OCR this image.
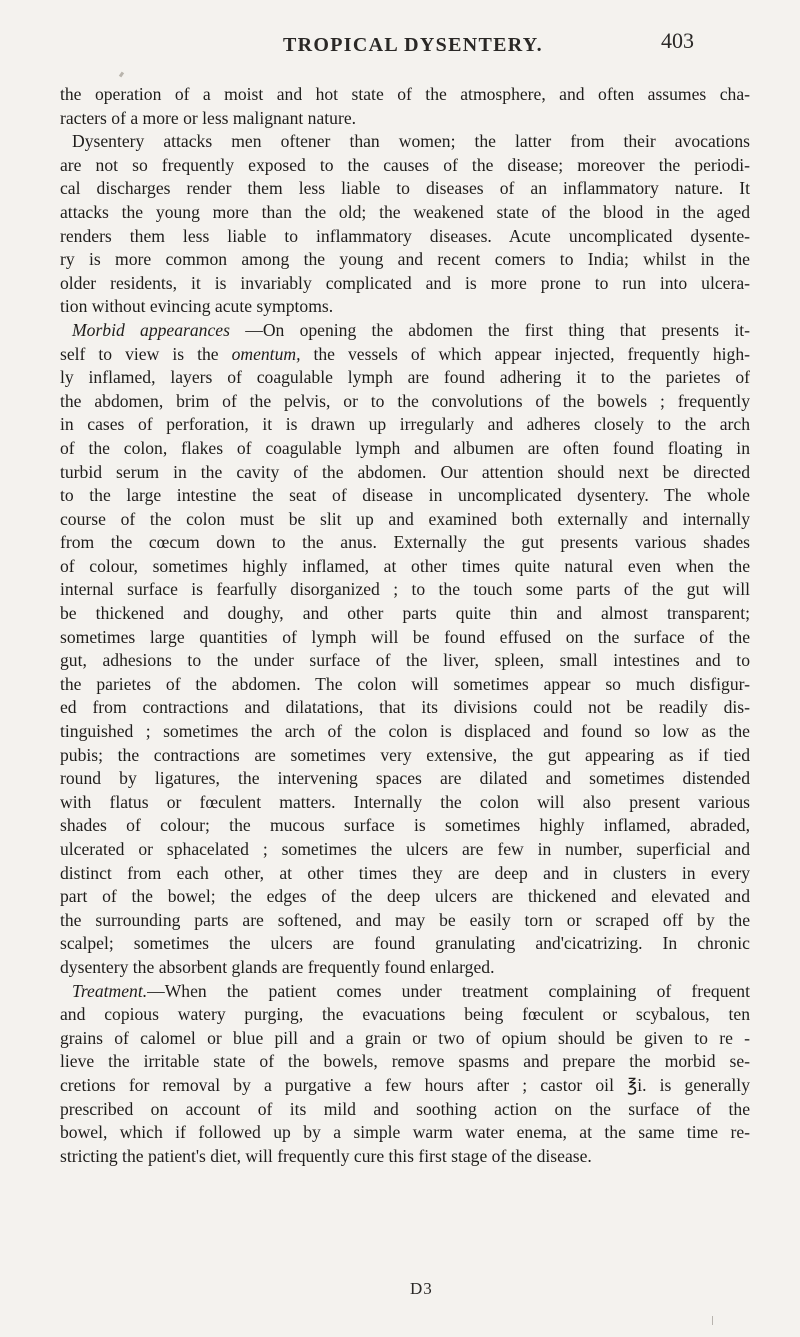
TROPICAL DYSENTERY.	403
the operation of a moist and hot state of the atmosphere, and often assumes cha-
racters of a more or less malignant nature.
Dysentery attacks men oftener than women; the latter from their avocations
are not so frequently exposed to the causes of the disease; moreover the periodi-
cal discharges render them less liable to diseases of an inflammatory nature. It
attacks the young more than the old; the weakened state of the blood in the aged
renders them less liable to inflammatory diseases. Acute uncomplicated dysente-
ry is more common among the young and recent comers to India; whilst in the
older residents, it is invariably complicated and is more prone to run into ulcera-
tion without evincing acute symptoms.
Morbid appearances —On opening the abdomen the first thing that presents it-
self to view is the omentum, the vessels of which appear injected, frequently high-
ly inflamed, layers of coagulable lymph are found adhering it to the parietes of
the abdomen, brim of the pelvis, or to the convolutions of the bowels ; frequently
in cases of perforation, it is drawn up irregularly and adheres closely to the arch
of the colon, flakes of coagulable lymph and albumen are often found floating in
turbid serum in the cavity of the abdomen. Our attention should next be directed
to the large intestine the seat of disease in uncomplicated dysentery. The whole
course of the colon must be slit up and examined both externally and internally
from the cœcum down to the anus. Externally the gut presents various shades
of colour, sometimes highly inflamed, at other times quite natural even when the
internal surface is fearfully disorganized ; to the touch some parts of the gut will
be thickened and doughy, and other parts quite thin and almost transparent;
sometimes large quantities of lymph will be found effused on the surface of the
gut, adhesions to the under surface of the liver, spleen, small intestines and to
the parietes of the abdomen. The colon will sometimes appear so much disfigur-
ed from contractions and dilatations, that its divisions could not be readily dis-
tinguished ; sometimes the arch of the colon is displaced and found so low as the
pubis; the contractions are sometimes very extensive, the gut appearing as if tied
round by ligatures, the intervening spaces are dilated and sometimes distended
with flatus or fœculent matters. Internally the colon will also present various
shades of colour; the mucous surface is sometimes highly inflamed, abraded,
ulcerated or sphacelated ; sometimes the ulcers are few in number, superficial and
distinct from each other, at other times they are deep and in clusters in every
part of the bowel; the edges of the deep ulcers are thickened and elevated and
the surrounding parts are softened, and may be easily torn or scraped off by the
scalpel; sometimes the ulcers are found granulating and'cicatrizing. In chronic
dysentery the absorbent glands are frequently found enlarged.
Treatment.—When the patient comes under treatment complaining of frequent
and copious watery purging, the evacuations being fœculent or scybalous, ten
grains of calomel or blue pill and a grain or two of opium should be given to re -
lieve the irritable state of the bowels, remove spasms and prepare the morbid se-
cretions for removal by a purgative a few hours after ; castor oil ℥i. is generally
prescribed on account of its mild and soothing action on the surface of the
bowel, which if followed up by a simple warm water enema, at the same time re-
stricting the patient's diet, will frequently cure this first stage of the disease.
D3
